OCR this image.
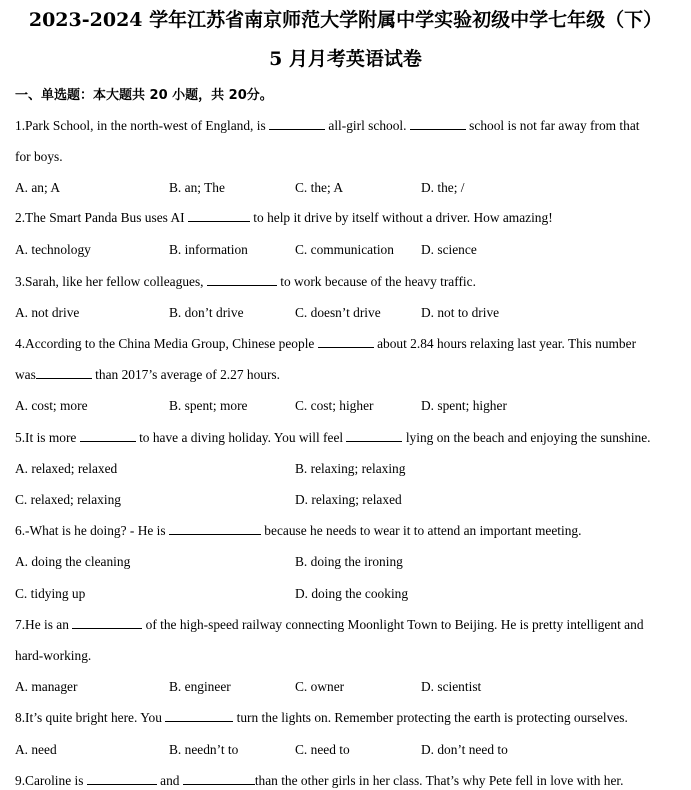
2023-2024 学年江苏省南京师范大学附属中学实验初级中学七年级（下）
5 月月考英语试卷
一、单选题：本大题共 20 小题，共 20分。
1.Park School, in the north-west of England, is	all-girl school.	school is not far away from that
for boys.
A. an; A	B. an; The	C. the; A	D. the; /
2.The Smart Panda Bus uses AI	to help it drive by itself without a driver. How amazing!
A. technology	B. information	C. communication D. science
3.Sarah, like her fellow colleagues,	to work because of the heavy traffic.
A. not drive	B. don’t drive	C. doesn’t drive	D. not to drive
4.According to the China Media Group, Chinese people	about 2.84 hours relaxing last year. This number
was	than 2017’s average of 2.27 hours.
A. cost; more	B. spent; more	C. cost; higher	D. spent; higher
5.It is more	to have a diving holiday. You will feel	lying on the beach and enjoying the sunshine.
A. relaxed; relaxed	B. relaxing; relaxing
C. relaxed; relaxing	D. relaxing; relaxed
6.-What is he doing? - He is	because he needs to wear it to attend an important meeting.
A. doing the cleaning	B. doing the ironing
C. tidying up	D. doing the cooking
7.He is an	of the high-speed railway connecting Moonlight Town to Beijing. He is pretty intelligent and
hard-working.
A. manager	B. engineer	C. owner	D. scientist
8.It’s quite bright here. You	turn the lights on. Remember protecting the earth is protecting ourselves.
A. need	B. needn’t to	C. need to	D. don’t need to
9.Caroline is	and	than the other girls in her class. That’s why Pete fell in love with her.
